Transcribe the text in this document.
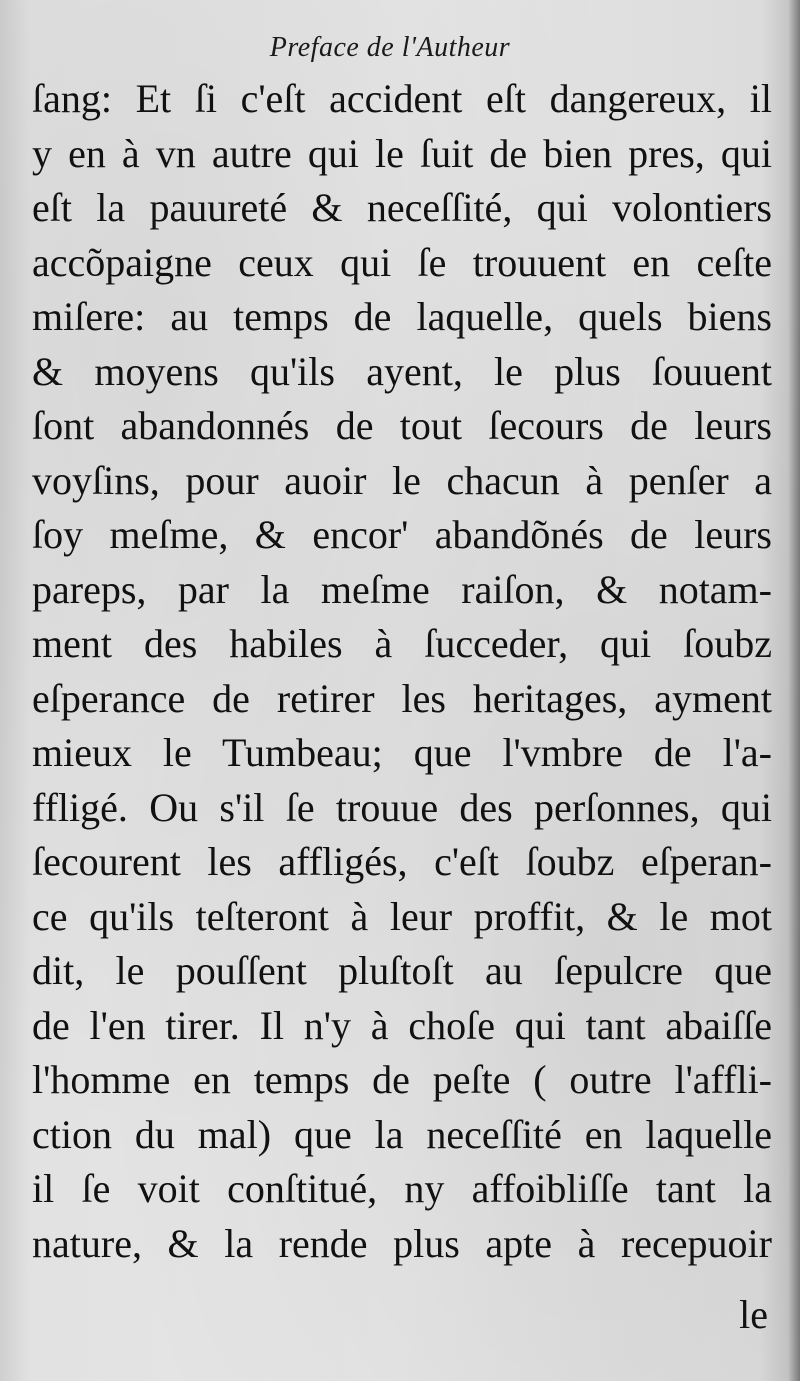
Preface de l'Autheur
ſang: Et ſi c'eſt accident eſt dangereux, il
y en à vn autre qui le ſuit de bien pres, qui
eſt la pauureté & neceſſité, qui volontiers
accõpaigne ceux qui ſe trouuent en ceſte
miſere: au temps de laquelle, quels biens
& moyens qu'ils ayent, le plus ſouuent
ſont abandonnés de tout ſecours de leurs
voyſins, pour auoir le chacun à penſer a
ſoy meſme, & encor' abandõnés de leurs
pareps, par la meſme raiſon, & notam-
ment des habiles à ſucceder, qui ſoubz
eſperance de retirer les heritages, ayment
mieux le Tumbeau; que l'vmbre de l'a-
ffligé. Ou s'il ſe trouue des perſonnes, qui
ſecourent les affligés, c'eſt ſoubz eſperan-
ce qu'ils teſteront à leur proffit, & le mot
dit, le pouſſent pluſtoſt au ſepulcre que
de l'en tirer. Il n'y à choſe qui tant abaiſſe
l'homme en temps de peſte ( outre l'affli-
ction du mal) que la neceſſité en laquelle
il ſe voit conſtitué, ny affoibliſſe tant la
nature, & la rende plus apte à recepuoir
le
